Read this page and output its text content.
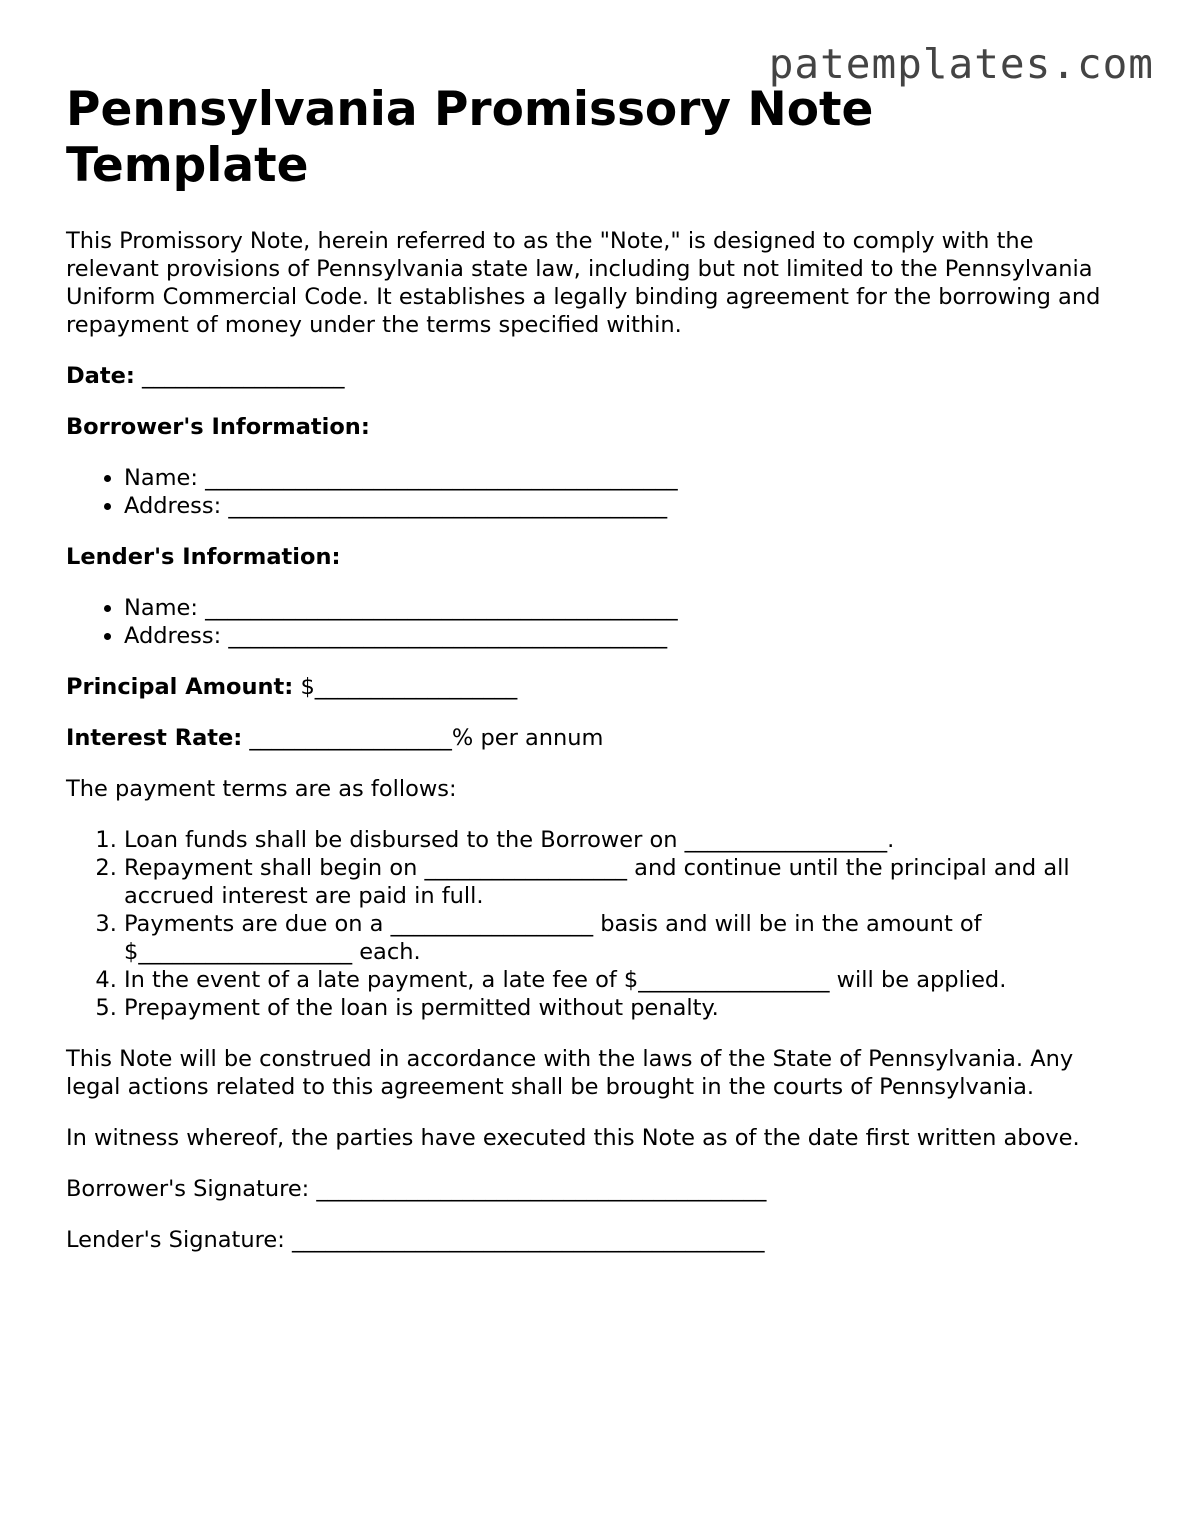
patemplates.com
Pennsylvania Promissory Note Template

This Promissory Note, herein referred to as the "Note," is designed to comply with the relevant provisions of Pennsylvania state law, including but not limited to the Pennsylvania Uniform Commercial Code. It establishes a legally binding agreement for the borrowing and repayment of money under the terms specified within.

Date: __________________

Borrower's Information:

• Name: __________________________________________
• Address: _______________________________________

Lender's Information:

• Name: __________________________________________
• Address: _______________________________________

Principal Amount: $__________________

Interest Rate: __________________% per annum

The payment terms are as follows:

1. Loan funds shall be disbursed to the Borrower on __________________.
2. Repayment shall begin on __________________ and continue until the principal and all accrued interest are paid in full.
3. Payments are due on a __________________ basis and will be in the amount of $___________________ each.
4. In the event of a late payment, a late fee of $_________________ will be applied.
5. Prepayment of the loan is permitted without penalty.

This Note will be construed in accordance with the laws of the State of Pennsylvania. Any legal actions related to this agreement shall be brought in the courts of Pennsylvania.

In witness whereof, the parties have executed this Note as of the date first written above.

Borrower's Signature: ________________________________________

Lender's Signature: __________________________________________
